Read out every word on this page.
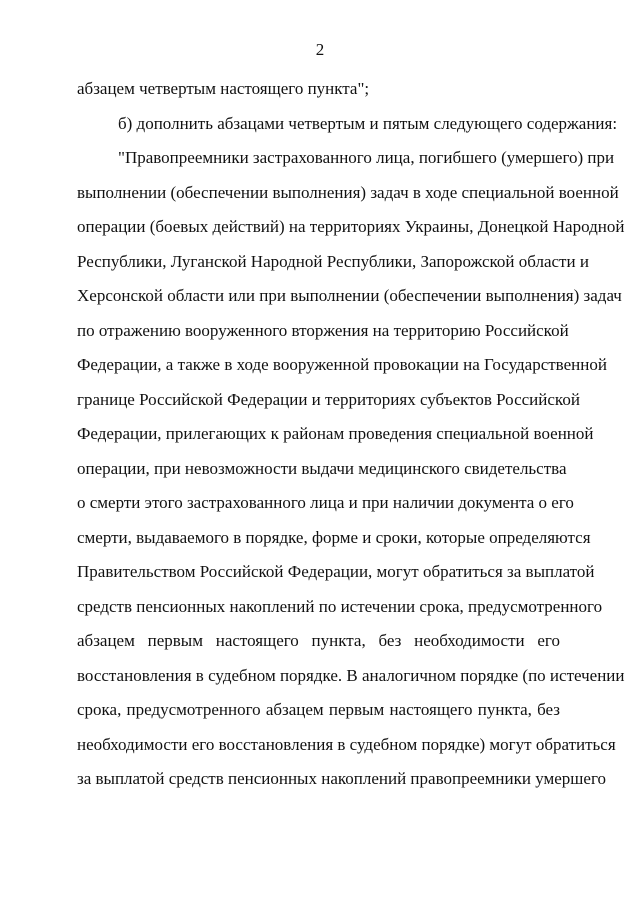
2
абзацем четвертым настоящего пункта";
б) дополнить абзацами четвертым и пятым следующего содержания:
"Правопреемники застрахованного лица, погибшего (умершего) при
выполнении (обеспечении выполнения) задач в ходе специальной военной
операции (боевых действий) на территориях Украины, Донецкой Народной
Республики, Луганской Народной Республики, Запорожской области и
Херсонской области или при выполнении (обеспечении выполнения) задач
по отражению вооруженного вторжения на территорию Российской
Федерации, а также в ходе вооруженной провокации на Государственной
границе Российской Федерации и территориях субъектов Российской
Федерации, прилегающих к районам проведения специальной военной
операции, при невозможности выдачи медицинского свидетельства
о смерти этого застрахованного лица и при наличии документа о его
смерти, выдаваемого в порядке, форме и сроки, которые определяются
Правительством Российской Федерации, могут обратиться за выплатой
средств пенсионных накоплений по истечении срока, предусмотренного
абзацем первым настоящего пункта, без необходимости его
восстановления в судебном порядке. В аналогичном порядке (по истечении
срока, предусмотренного абзацем первым настоящего пункта, без
необходимости его восстановления в судебном порядке) могут обратиться
за выплатой средств пенсионных накоплений правопреемники умершего
